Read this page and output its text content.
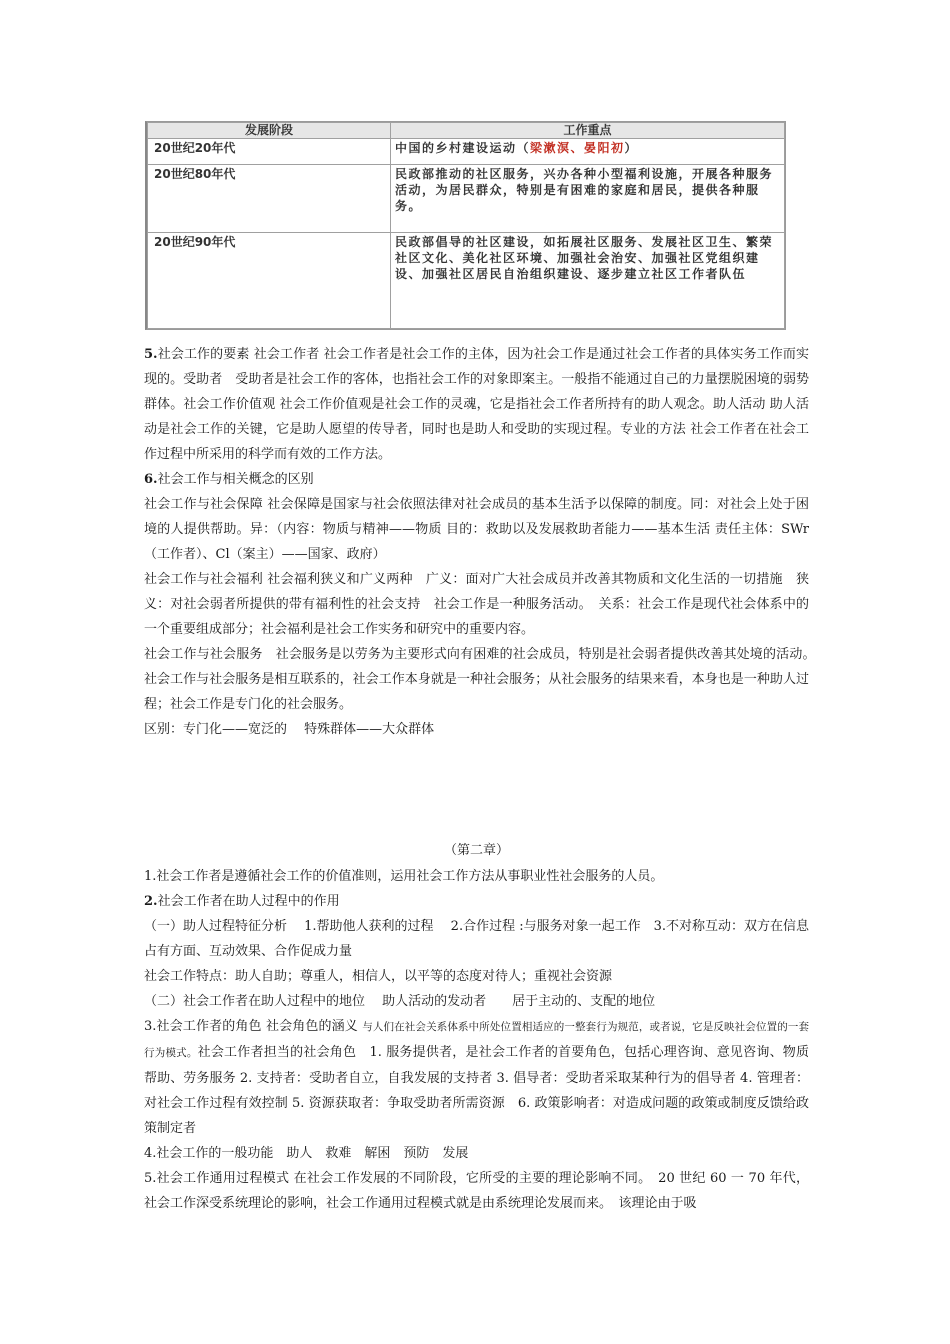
发展阶段	工作重点
20世纪20年代	中国的乡村建设运动（梁漱溟、晏阳初）
20世纪80年代	民政部推动的社区服务，兴办各种小型福利设施，开展各种服务活动，为居民群众，特别是有困难的家庭和居民，提供各种服务。
20世纪90年代	民政部倡导的社区建设，如拓展社区服务、发展社区卫生、繁荣社区文化、美化社区环境、加强社会治安、加强社区党组织建设、加强社区居民自治组织建设、逐步建立社区工作者队伍

5.社会工作的要素 社会工作者 社会工作者是社会工作的主体，因为社会工作是通过社会工作者的具体实务工作而实现的。受助者　受助者是社会工作的客体，也指社会工作的对象即案主。一般指不能通过自己的力量摆脱困境的弱势群体。社会工作价值观 社会工作价值观是社会工作的灵魂，它是指社会工作者所持有的助人观念。助人活动 助人活动是社会工作的关键，它是助人愿望的传导者，同时也是助人和受助的实现过程。专业的方法 社会工作者在社会工作过程中所采用的科学而有效的工作方法。

6.社会工作与相关概念的区别

社会工作与社会保障 社会保障是国家与社会依照法律对社会成员的基本生活予以保障的制度。同：对社会上处于困境的人提供帮助。异：（内容：物质与精神——物质 目的：救助以及发展救助者能力——基本生活 责任主体：SWr（工作者）、Cl（案主）——国家、政府）

社会工作与社会福利 社会福利狭义和广义两种　广义：面对广大社会成员并改善其物质和文化生活的一切措施　狭义：对社会弱者所提供的带有福利性的社会支持　社会工作是一种服务活动。　关系：社会工作是现代社会体系中的一个重要组成部分；社会福利是社会工作实务和研究中的重要内容。

社会工作与社会服务　社会服务是以劳务为主要形式向有困难的社会成员，特别是社会弱者提供改善其处境的活动。　社会工作与社会服务是相互联系的，社会工作本身就是一种社会服务；从社会服务的结果来看，本身也是一种助人过程；社会工作是专门化的社会服务。

区别：专门化——宽泛的　 特殊群体——大众群体

（第二章）

1.社会工作者是遵循社会工作的价值准则，运用社会工作方法从事职业性社会服务的人员。

2.社会工作者在助人过程中的作用

（一）助人过程特征分析　 1.帮助他人获利的过程　 2.合作过程 :与服务对象一起工作　3.不对称互动：双方在信息占有方面、互动效果、合作促成力量

社会工作特点：助人自助；尊重人，相信人，以平等的态度对待人；重视社会资源

（二）社会工作者在助人过程中的地位　 助人活动的发动者　　居于主动的、支配的地位

3.社会工作者的角色 社会角色的涵义 与人们在社会关系体系中所处位置相适应的一整套行为规范，或者说，它是反映社会位置的一套行为模式。社会工作者担当的社会角色　1. 服务提供者，是社会工作者的首要角色，包括心理咨询、意见咨询、物质帮助、劳务服务 2. 支持者：受助者自立，自我发展的支持者 3. 倡导者：受助者采取某种行为的倡导者 4. 管理者：对社会工作过程有效控制 5. 资源获取者：争取受助者所需资源　6. 政策影响者：对造成问题的政策或制度反馈给政策制定者

4.社会工作的一般功能　助人　救难　解困　预防　发展

5.社会工作通用过程模式 在社会工作发展的不同阶段，它所受的主要的理论影响不同。　20 世纪 60 一 70 年代，社会工作深受系统理论的影响，社会工作通用过程模式就是由系统理论发展而来。　该理论由于吸
